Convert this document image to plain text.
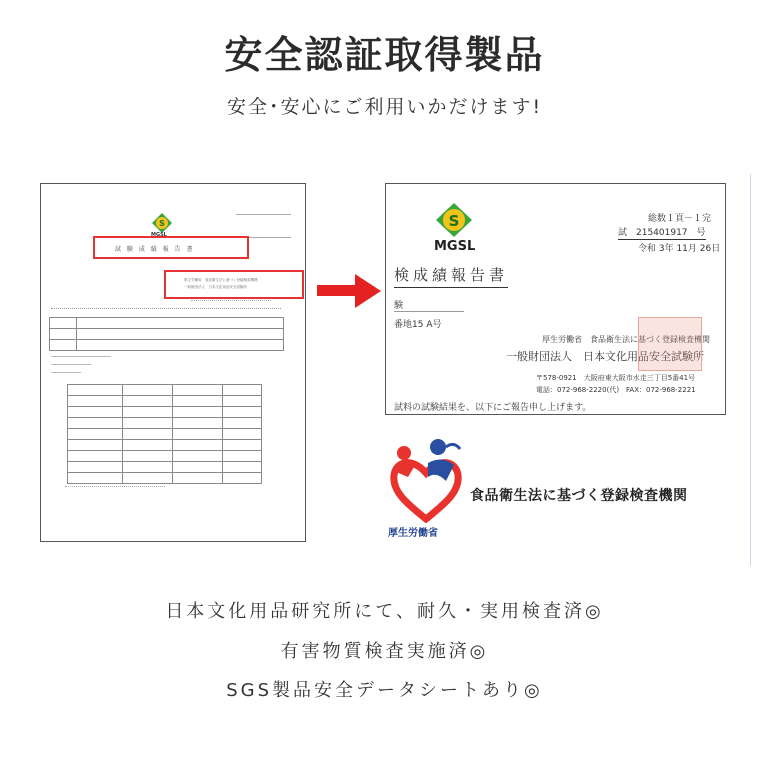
安全認証取得製品
安全･安心にご利用いかだけます!
S
MGSL
試 験 成 績 報 告 書
厚生労働省　食品衛生法に基づく登録検査機関
一般財団法人　日本文化用品安全試験所

S
MGSL
総数１頁－１完
試　215401917　号
令和 3年 11月 26日
検成績報告書
験
番地15 A号
厚生労働省　食品衛生法に基づく登録検査機関
一般財団法人　日本文化用品安全試験所
〒578-0921　大阪府東大阪市水走三丁目5番41号
電話：072-968-2220(代)　FAX：072-968-2221
試料の試験結果を、以下にご報告申し上げます。
厚生労働省
食品衛生法に基づく登録検査機関
日本文化用品研究所にて、耐久・実用検査済◎
有害物質検査実施済◎
SGS製品安全データシートあり◎
